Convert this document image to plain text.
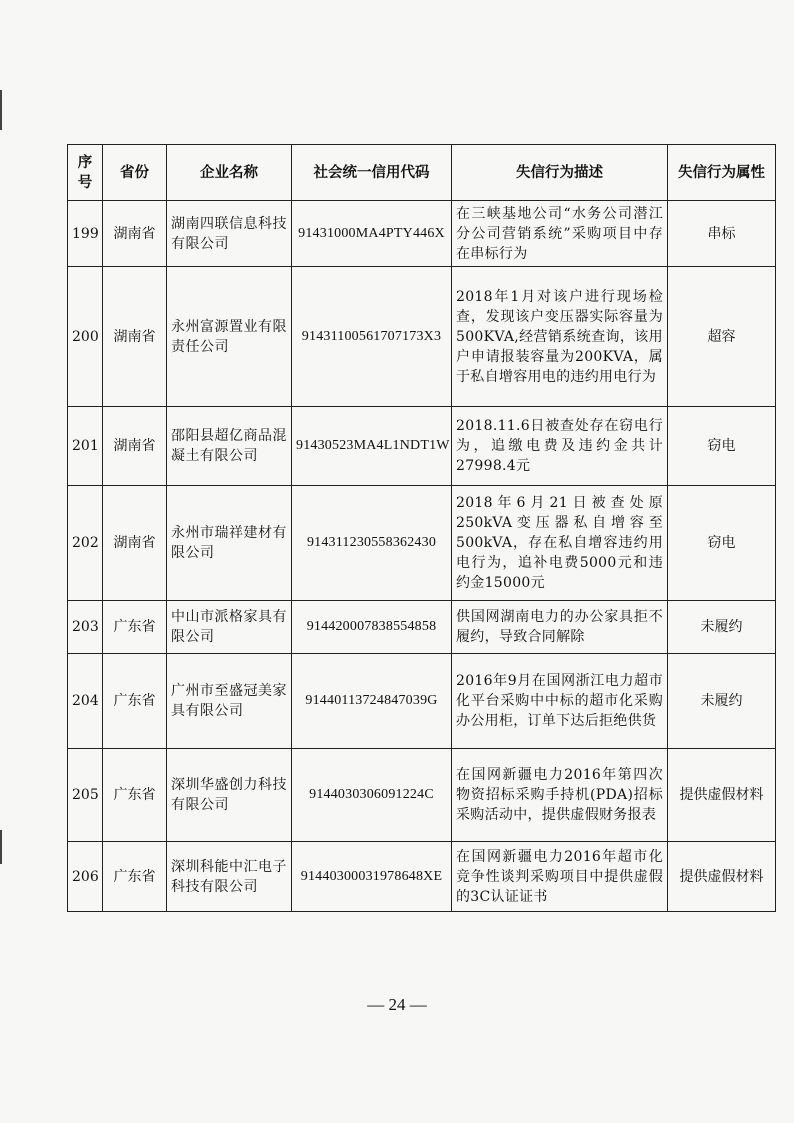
序号	省份	企业名称	社会统一信用代码	失信行为描述	失信行为属性
199	湖南省	湖南四联信息科技有限公司	91431000MA4PTY446X	在三峡基地公司“水务公司潜江分公司营销系统”采购项目中存在串标行为	串标
200	湖南省	永州富源置业有限责任公司	91431100561707173X3	2018年1月对该户进行现场检查，发现该户变压器实际容量为500KVA,经营销系统查询，该用户申请报装容量为200KVA，属于私自增容用电的违约用电行为	超容
201	湖南省	邵阳县超亿商品混凝土有限公司	91430523MA4L1NDT1W	2018.11.6日被查处存在窃电行为，追缴电费及违约金共计27998.4元	窃电
202	湖南省	永州市瑞祥建材有限公司	914311230558362430	2018年6月21日被查处原250kVA变压器私自增容至500kVA，存在私自增容违约用电行为，追补电费5000元和违约金15000元	窃电
203	广东省	中山市派格家具有限公司	914420007838554858	供国网湖南电力的办公家具拒不履约，导致合同解除	未履约
204	广东省	广州市至盛冠美家具有限公司	91440113724847039G	2016年9月在国网浙江电力超市化平台采购中中标的超市化采购办公用柜，订单下达后拒绝供货	未履约
205	广东省	深圳华盛创力科技有限公司	9144030306091224C	在国网新疆电力2016年第四次物资招标采购手持机(PDA)招标采购活动中，提供虚假财务报表	提供虚假材料
206	广东省	深圳科能中汇电子科技有限公司	91440300031978648XE	在国网新疆电力2016年超市化竞争性谈判采购项目中提供虚假的3C认证证书	提供虚假材料
— 24 —
